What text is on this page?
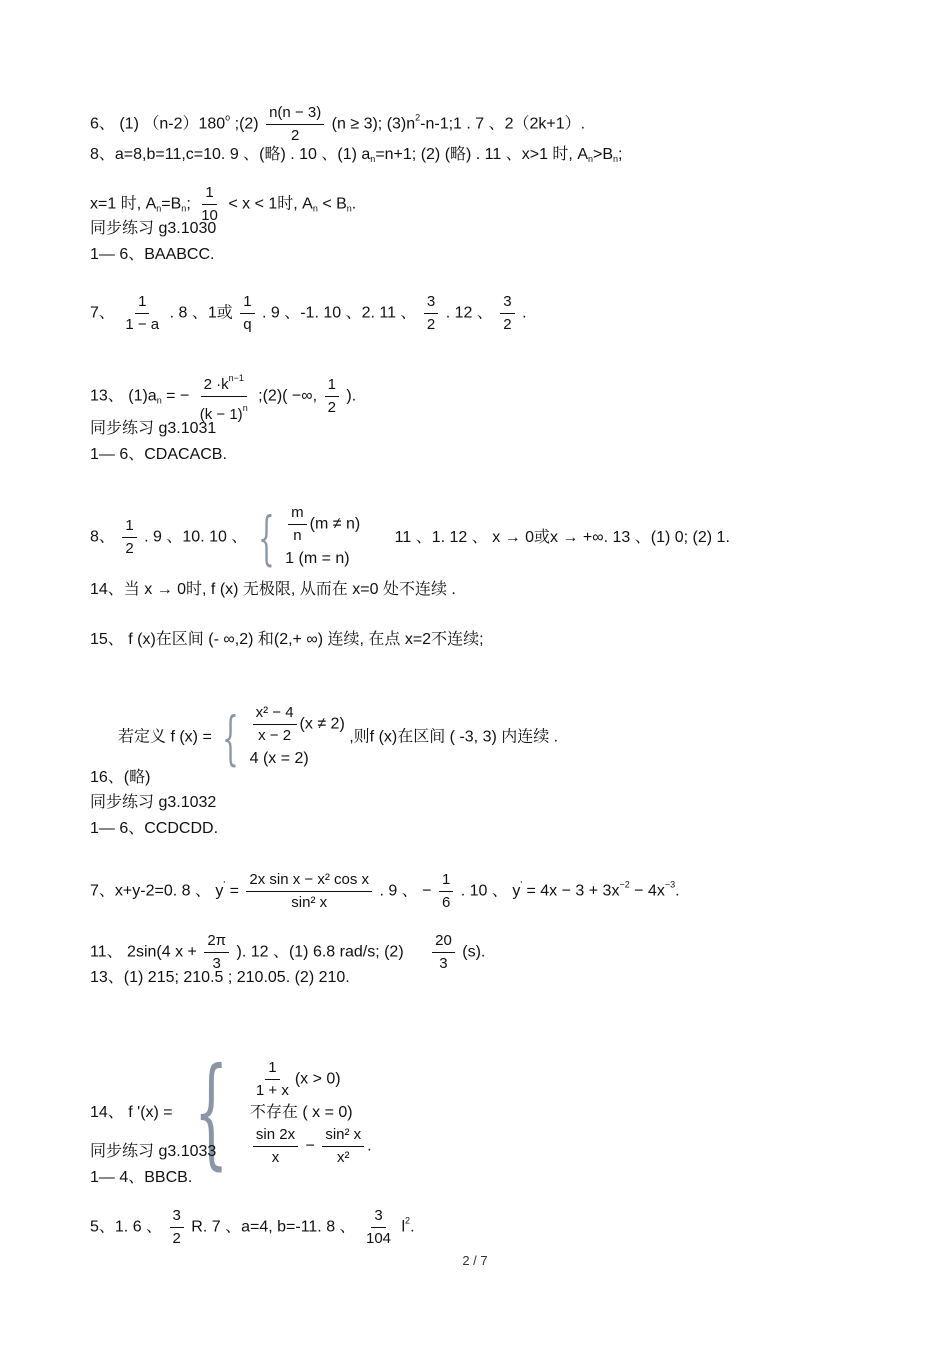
6、 (1) （n-2）180$^o$ ;(2) $\frac{n(n - 3)}{2} (n \ge 3)$; $(3)n^2-n-1;1$ . 7 、2（2k+1）.
8、a=8,b=11,c=10. 9 、(略) . 10 、(1) $a_n=n+1$; (2) (略) . 11 、x>1 时, $A_n>B_n$;
x=1 时, $A_n=B_n$; $\frac{1}{10} < x < 1$时, $A_n < B_n$.
同步练习 g3.1030
1— 6、BAABCC.
7、 $\frac{1}{1 - a}$ . 8 、1或 $\frac{1}{q}$ . 9 、-1. 10 、2. 11 、 $\frac{3}{2}$ . 12 、 $\frac{3}{2}$ .
13、 $(1)a_n$ = − $\frac{2 \cdot k^{n-1}}{(k - 1)^n}$ ;(2)( −∞, $\frac{1}{2}$ ).
同步练习 g3.1031
1— 6、CDACACB.
8、 $\frac{1}{2}$ . 9 、10. 10 、 { $\frac{m}{n} (m \ne n)$
1 (m = n)
11 、1. 12 、 x → 0或x → +∞. 13 、(1) 0; (2) 1.
14、当 x → 0时, f (x) 无极限, 从而在 x=0 处不连续 .
15、 f (x)在区间 (- ∞,2) 和(2,+ ∞) 连续, 在点 x=2不连续;
若定义 f (x) = { $\frac{\text{x² − 4}}{x - 2} (x \ne 2)$
4 (x = 2)
,则f (x)在区间 ( -3, 3) 内连续 .
16、(略)
同步练习 g3.1032
1— 6、CCDCDD.
7、x+y-2=0. 8 、 $y' = \frac{\text{2x sin x − x² cos x}}{\text{sin² x}}$ . 9 、 − $\frac{1}{6}$ . 10 、 $y' = 4x - 3 + 3x^{-2} - 4x^{-3}$.
11、 2sin(4 $x + \frac{2\pi}{3}$ ). 12 、(1) 6.8 rad/s; $(2) \frac{20}{3} (s)$.
13、(1) 215; 210.5 ; 210.05. (2) 210.
14、 f '(x) = { $\frac{1}{1 + x} (x > 0)$
不存在 ( x = 0)
$\frac{\sin 2x}{x} - \frac{\text{sin² x}}{\text{x²}}$ .
同步练习 g3.1033
1— 4、BBCB.
5、1. 6 、 $\frac{3}{2} R$. 7 、a=4, b=-11. 8 、 $\frac{3}{104} l^2$.
2 / 7
